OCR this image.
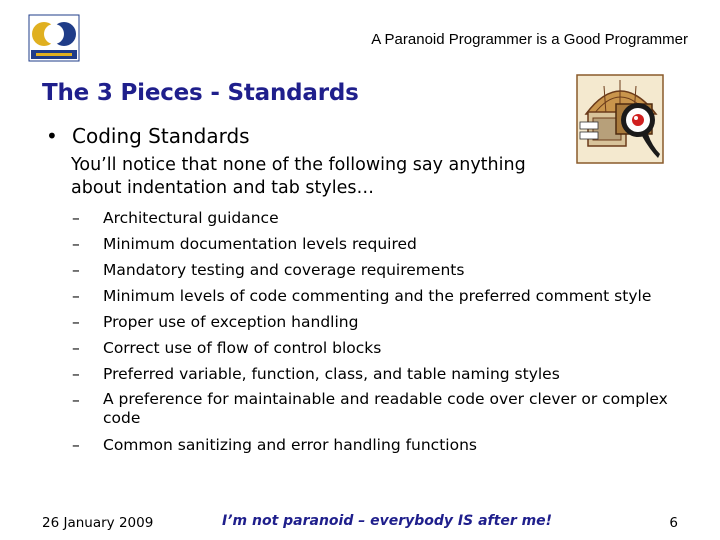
A Paranoid Programmer is a Good Programmer
The 3 Pieces - Standards
• Coding Standards
You’ll notice that none of the following say anything about indentation and tab styles…
–	Architectural guidance
–	Minimum documentation levels required
–	Mandatory testing and coverage requirements
–	Minimum levels of code commenting and the preferred comment style
–	Proper use of exception handling
–	Correct use of flow of control blocks
–	Preferred variable, function, class, and table naming styles
–	A preference for maintainable and readable code over clever or complex code
–	Common sanitizing and error handling functions
26 January 2009	I’m not paranoid – everybody IS after me!	6
